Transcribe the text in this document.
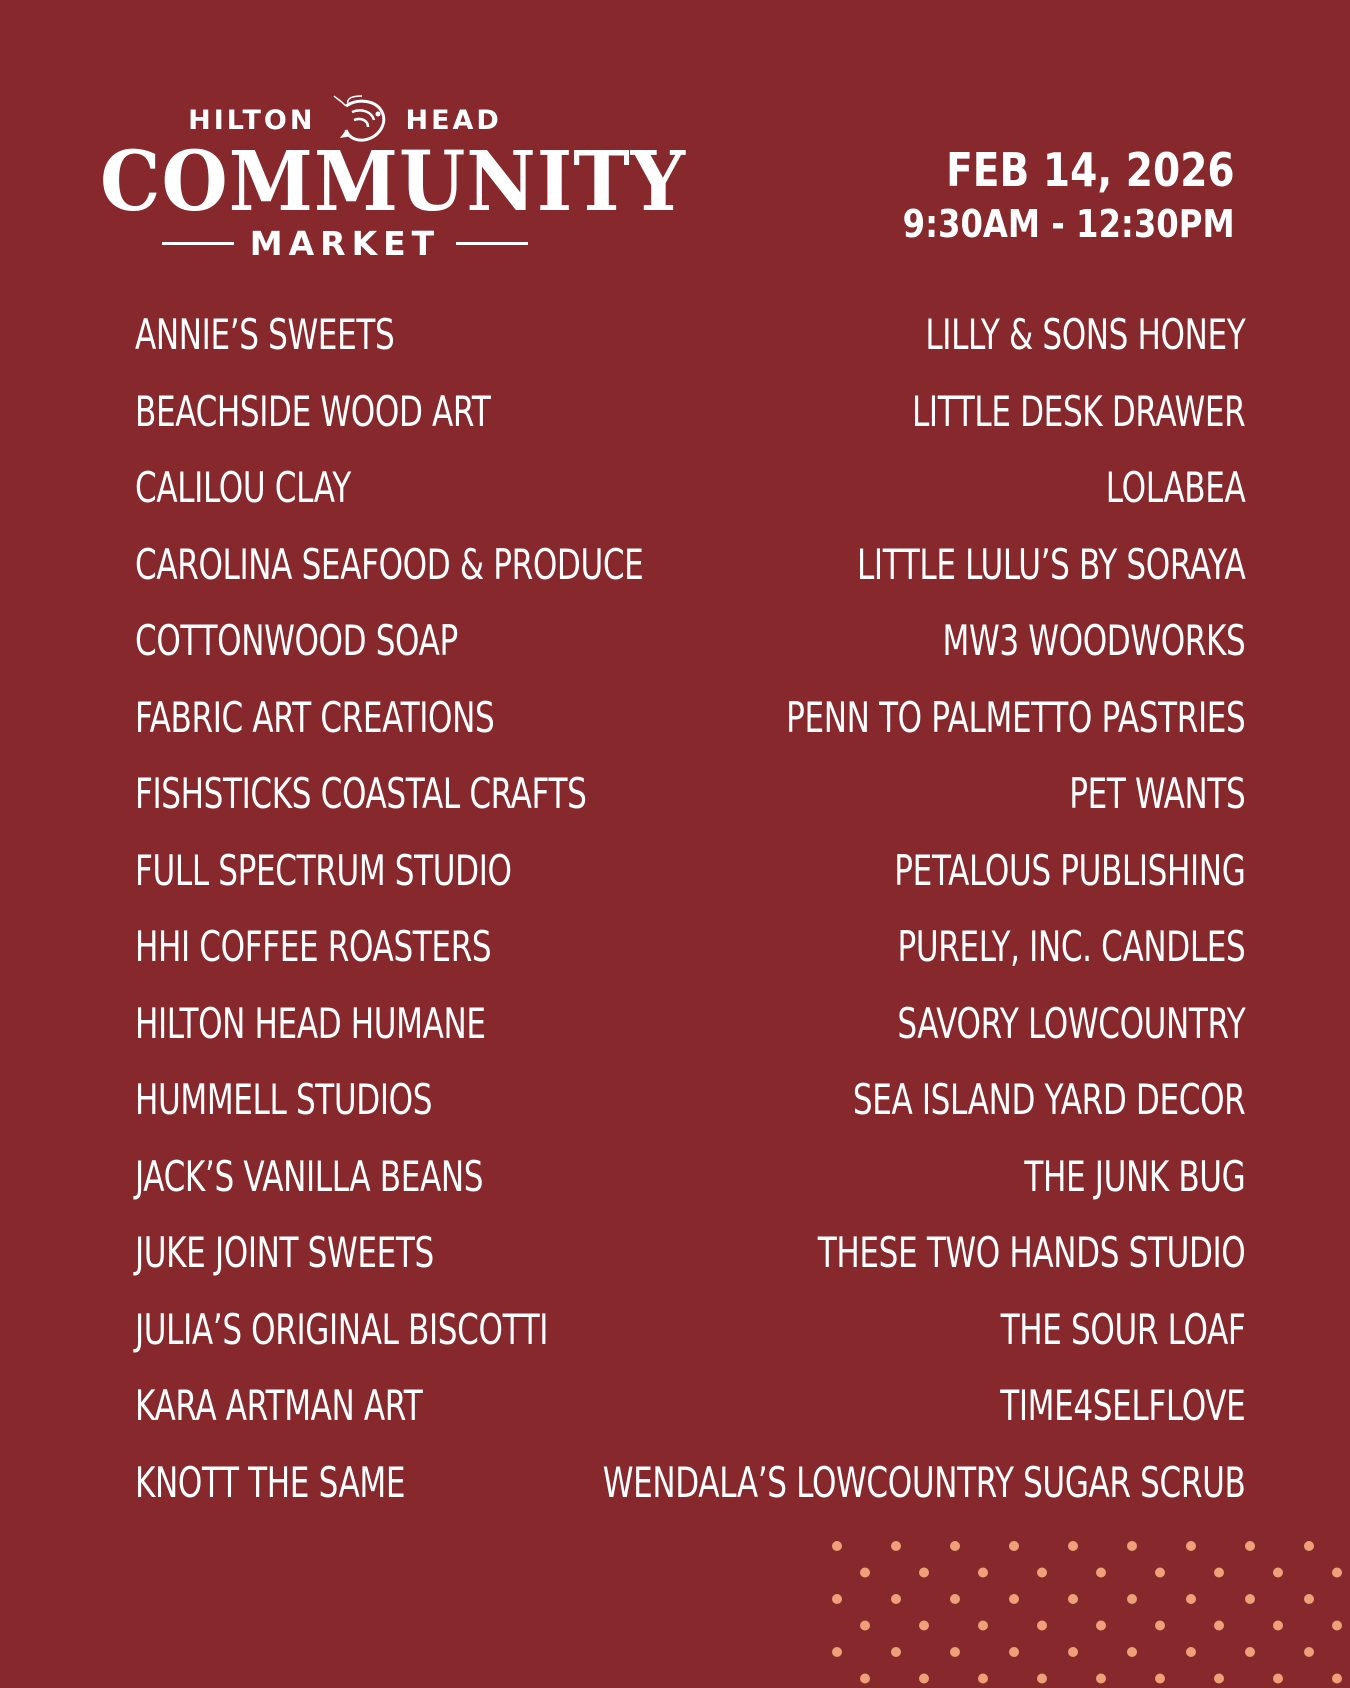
HILTON	HEAD
COMMUNITY
MARKET
FEB 14, 2026
9:30AM - 12:30PM
ANNIE’S SWEETS
BEACHSIDE WOOD ART
CALILOU CLAY
CAROLINA SEAFOOD & PRODUCE
COTTONWOOD SOAP
FABRIC ART CREATIONS
FISHSTICKS COASTAL CRAFTS
FULL SPECTRUM STUDIO
HHI COFFEE ROASTERS
HILTON HEAD HUMANE
HUMMELL STUDIOS
JACK’S VANILLA BEANS
JUKE JOINT SWEETS
JULIA’S ORIGINAL BISCOTTI
KARA ARTMAN ART
KNOTT THE SAME
LILLY & SONS HONEY
LITTLE DESK DRAWER
LOLABEA
LITTLE LULU’S BY SORAYA
MW3 WOODWORKS
PENN TO PALMETTO PASTRIES
PET WANTS
PETALOUS PUBLISHING
PURELY, INC. CANDLES
SAVORY LOWCOUNTRY
SEA ISLAND YARD DECOR
THE JUNK BUG
THESE TWO HANDS STUDIO
THE SOUR LOAF
TIME4SELFLOVE
WENDALA’S LOWCOUNTRY SUGAR SCRUB
